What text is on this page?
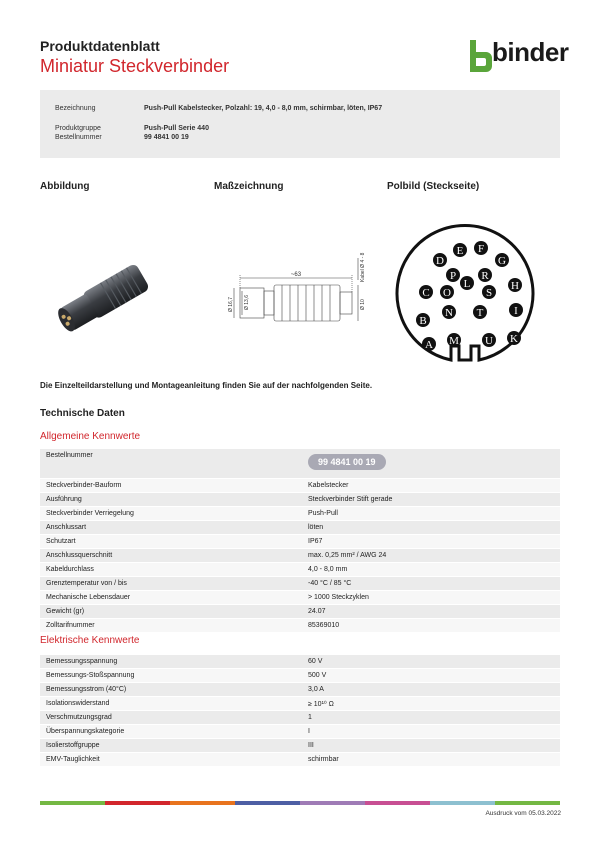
Produktdatenblatt
Miniatur Steckverbinder	binder
Bezeichnung	Push-Pull Kabelstecker, Polzahl: 19, 4,0 - 8,0 mm, schirmbar, löten, IP67
Produktgruppe	Push-Pull Serie 440
Bestellnummer	99 4841 00 19
Abbildung	Maßzeichnung	Polbild (Steckseite)
~63
Ø 16,7 Ø 13,6	Ø 10
Kabel Ø 4 - 8	D
E F
G
C
P R
H
B
O	S
I
N T
A M U K
L
Die Einzelteildarstellung und Montageanleitung finden Sie auf der nachfolgenden Seite.
Technische Daten
Allgemeine Kennwerte
Bestellnummer	99 4841 00 19
Steckverbinder-Bauform	Kabelstecker
Ausführung	Steckverbinder Stift gerade
Steckverbinder Verriegelung	Push-Pull
Anschlussart	löten
Schutzart	IP67
Anschlussquerschnitt	max. 0,25 mm² / AWG 24
Kabeldurchlass	4,0 - 8,0 mm
Grenztemperatur von / bis	-40 °C / 85 °C
Mechanische Lebensdauer	> 1000 Steckzyklen
Gewicht (gr)	24.07
Zolltarifnummer	85369010
Elektrische Kennwerte
Bemessungsspannung	60 V
Bemessungs-Stoßspannung	500 V
Bemessungsstrom (40°C)	3,0 A
Isolationswiderstand	≥ 10¹⁰ Ω
Verschmutzungsgrad	1
Überspannungskategorie	I
Isolierstoffgruppe	III
EMV-Tauglichkeit	schirmbar
Ausdruck vom 05.03.2022
